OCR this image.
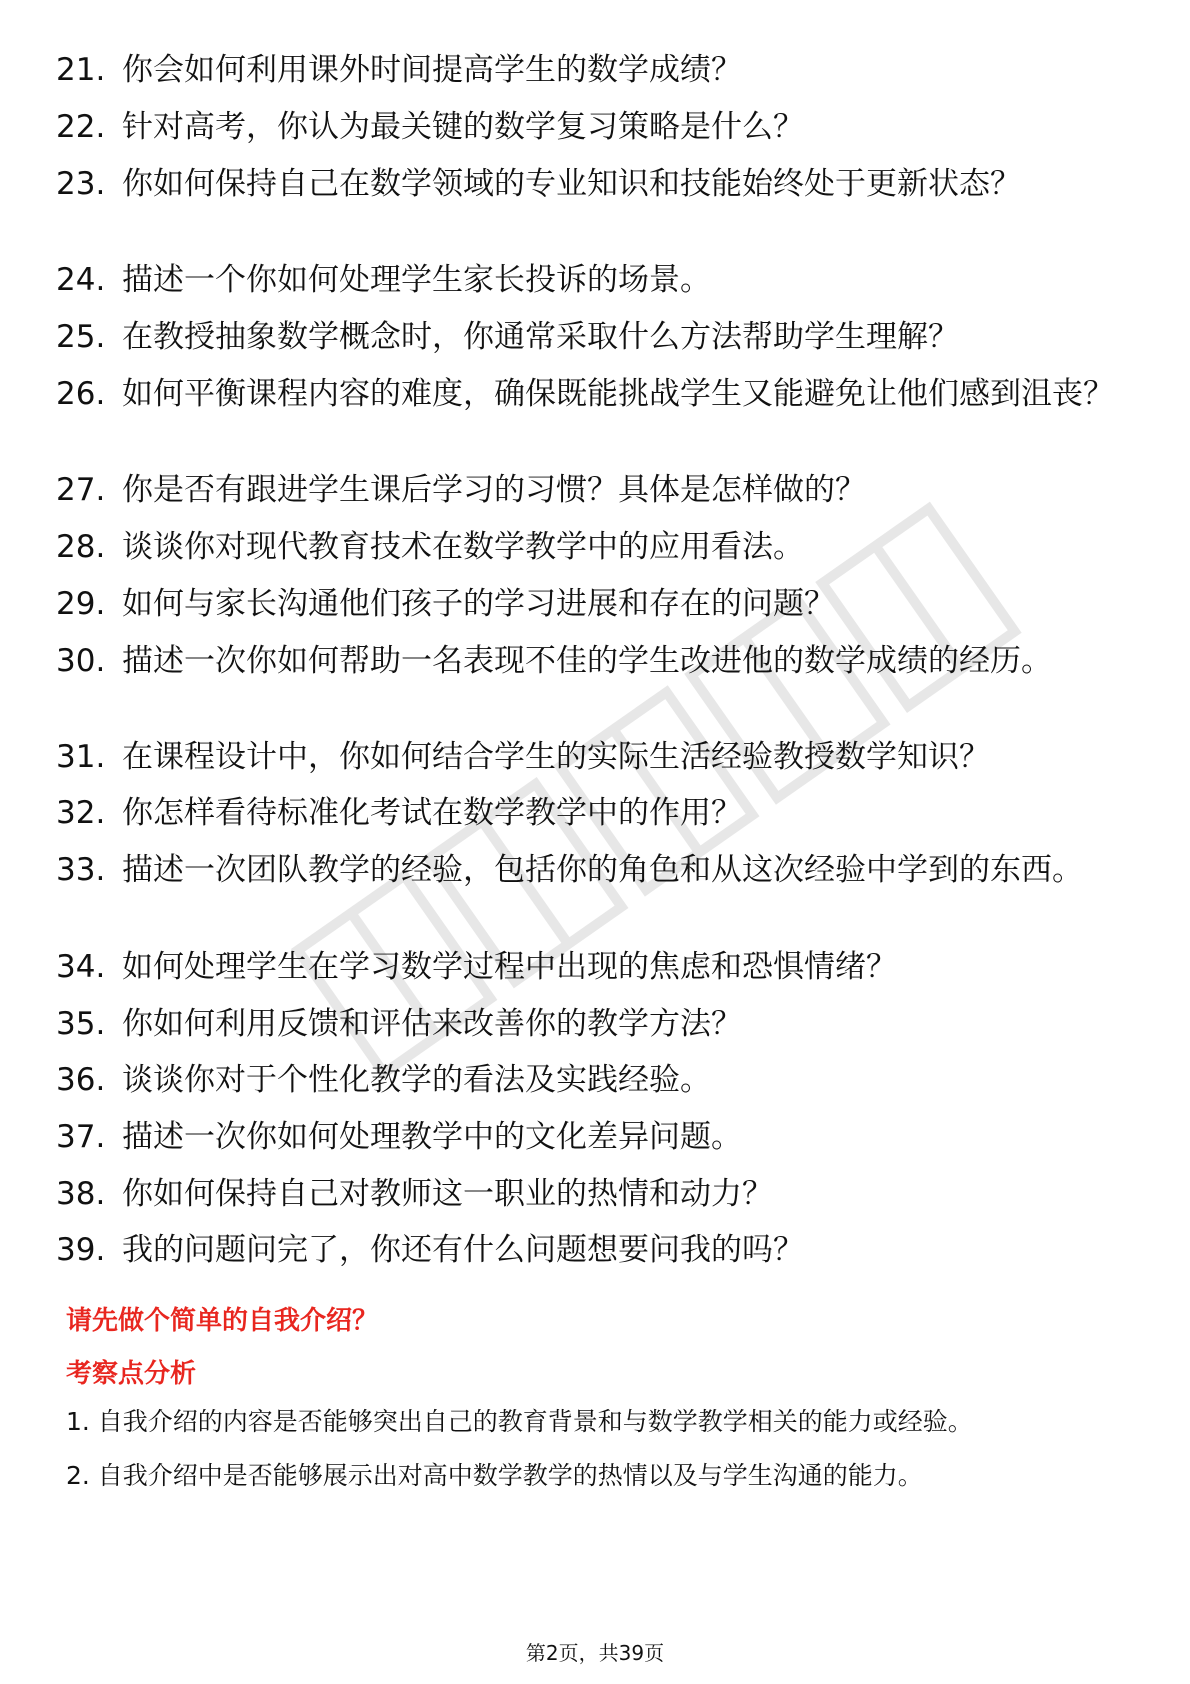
21. 你会如何利用课外时间提高学生的数学成绩？
22. 针对高考，你认为最关键的数学复习策略是什么？
23. 你如何保持自己在数学领域的专业知识和技能始终处于更新状态？
24. 描述一个你如何处理学生家长投诉的场景。
25. 在教授抽象数学概念时，你通常采取什么方法帮助学生理解？
26. 如何平衡课程内容的难度，确保既能挑战学生又能避免让他们感到沮丧？
27. 你是否有跟进学生课后学习的习惯？具体是怎样做的？
28. 谈谈你对现代教育技术在数学教学中的应用看法。
29. 如何与家长沟通他们孩子的学习进展和存在的问题？
30. 描述一次你如何帮助一名表现不佳的学生改进他的数学成绩的经历。
31. 在课程设计中，你如何结合学生的实际生活经验教授数学知识？
32. 你怎样看待标准化考试在数学教学中的作用？
33. 描述一次团队教学的经验，包括你的角色和从这次经验中学到的东西。
34. 如何处理学生在学习数学过程中出现的焦虑和恐惧情绪？
35. 你如何利用反馈和评估来改善你的教学方法？
36. 谈谈你对于个性化教学的看法及实践经验。
37. 描述一次你如何处理教学中的文化差异问题。
38. 你如何保持自己对教师这一职业的热情和动力？
39. 我的问题问完了，你还有什么问题想要问我的吗？
请先做个简单的自我介绍？
考察点分析
1. 自我介绍的内容是否能够突出自己的教育背景和与数学教学相关的能力或经验。
2. 自我介绍中是否能够展示出对高中数学教学的热情以及与学生沟通的能力。
第2页，共39页
